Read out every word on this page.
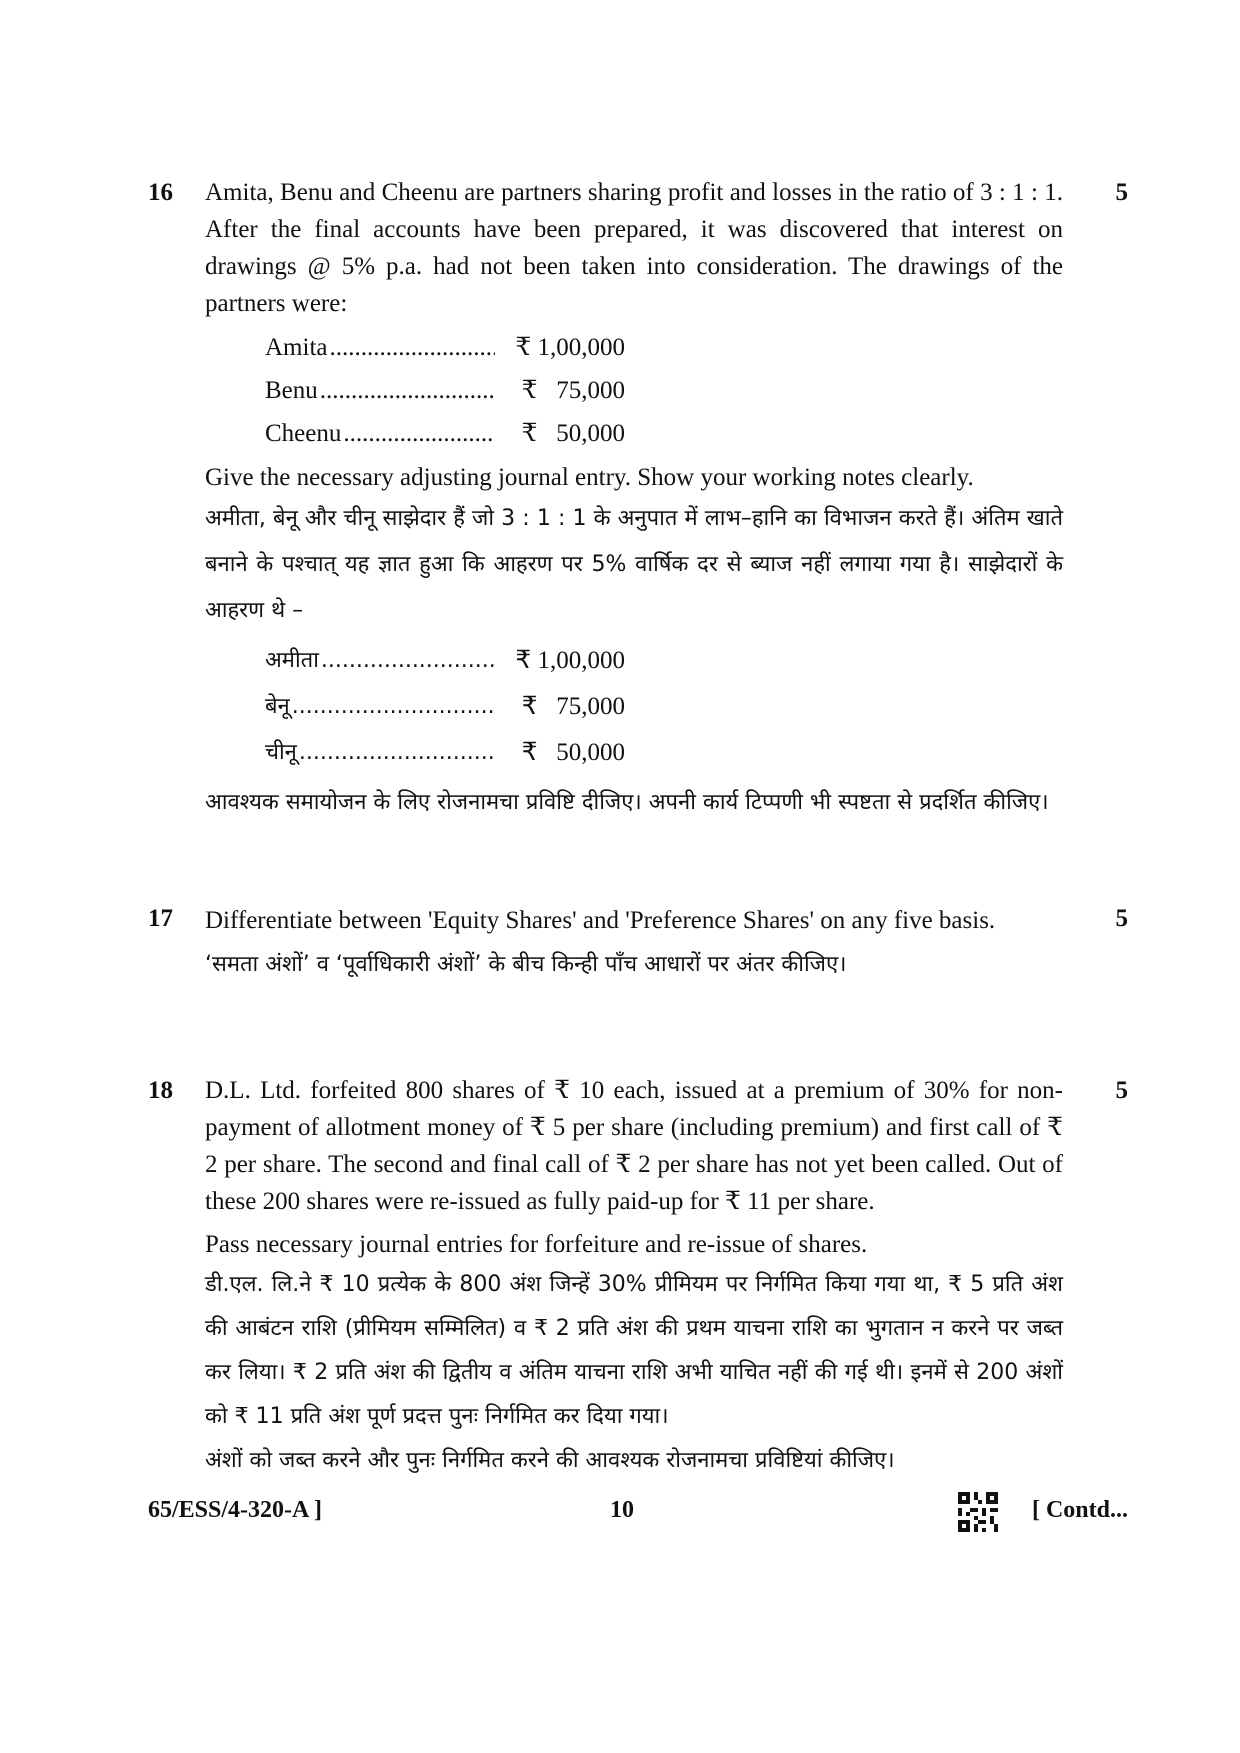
16	5

Amita, Benu and Cheenu are partners sharing profit and losses in the ratio of 3 : 1 : 1. After the final accounts have been prepared, it was discovered that interest on drawings @ 5% p.a. had not been taken into consideration. The drawings of the partners were:

Amita .....	₹ 1,00,000
Benu .....	₹   75,000
Cheenu .....	₹   50,000

Give the necessary adjusting journal entry. Show your working notes clearly.

अमीता, बेनू और चीनू साझेदार हैं जो 3 : 1 : 1 के अनुपात में लाभ–हानि का विभाजन करते हैं। अंतिम खाते बनाने के पश्चात् यह ज्ञात हुआ कि आहरण पर 5% वार्षिक दर से ब्याज नहीं लगाया गया है। साझेदारों के आहरण थे –

अमीता .....	₹ 1,00,000
बेनू .....	₹   75,000
चीनू .....	₹   50,000

आवश्यक समायोजन के लिए रोजनामचा प्रविष्टि दीजिए। अपनी कार्य टिप्पणी भी स्पष्टता से प्रदर्शित कीजिए।

17	5

Differentiate between 'Equity Shares' and 'Preference Shares' on any five basis.

‘समता अंशों’ व ‘पूर्वाधिकारी अंशों’ के बीच किन्ही पाँच आधारों पर अंतर कीजिए।

18	5

D.L. Ltd. forfeited 800 shares of ₹ 10 each, issued at a premium of 30% for non-payment of allotment money of ₹ 5 per share (including premium) and first call of ₹ 2 per share. The second and final call of ₹ 2 per share has not yet been called. Out of these 200 shares were re-issued as fully paid-up for ₹ 11 per share.

Pass necessary journal entries for forfeiture and re-issue of shares.

डी.एल. लि.ने ₹ 10 प्रत्येक के 800 अंश जिन्हें 30% प्रीमियम पर निर्गमित किया गया था, ₹ 5 प्रति अंश की आबंटन राशि (प्रीमियम सम्मिलित) व ₹ 2 प्रति अंश की प्रथम याचना राशि का भुगतान न करने पर जब्त कर लिया। ₹ 2 प्रति अंश की द्वितीय व अंतिम याचना राशि अभी याचित नहीं की गई थी। इनमें से 200 अंशों को ₹ 11 प्रति अंश पूर्ण प्रदत्त पुनः निर्गमित कर दिया गया।

अंशों को जब्त करने और पुनः निर्गमित करने की आवश्यक रोजनामचा प्रविष्टियां कीजिए।

65/ESS/4-320-A ]	10	[ Contd...
